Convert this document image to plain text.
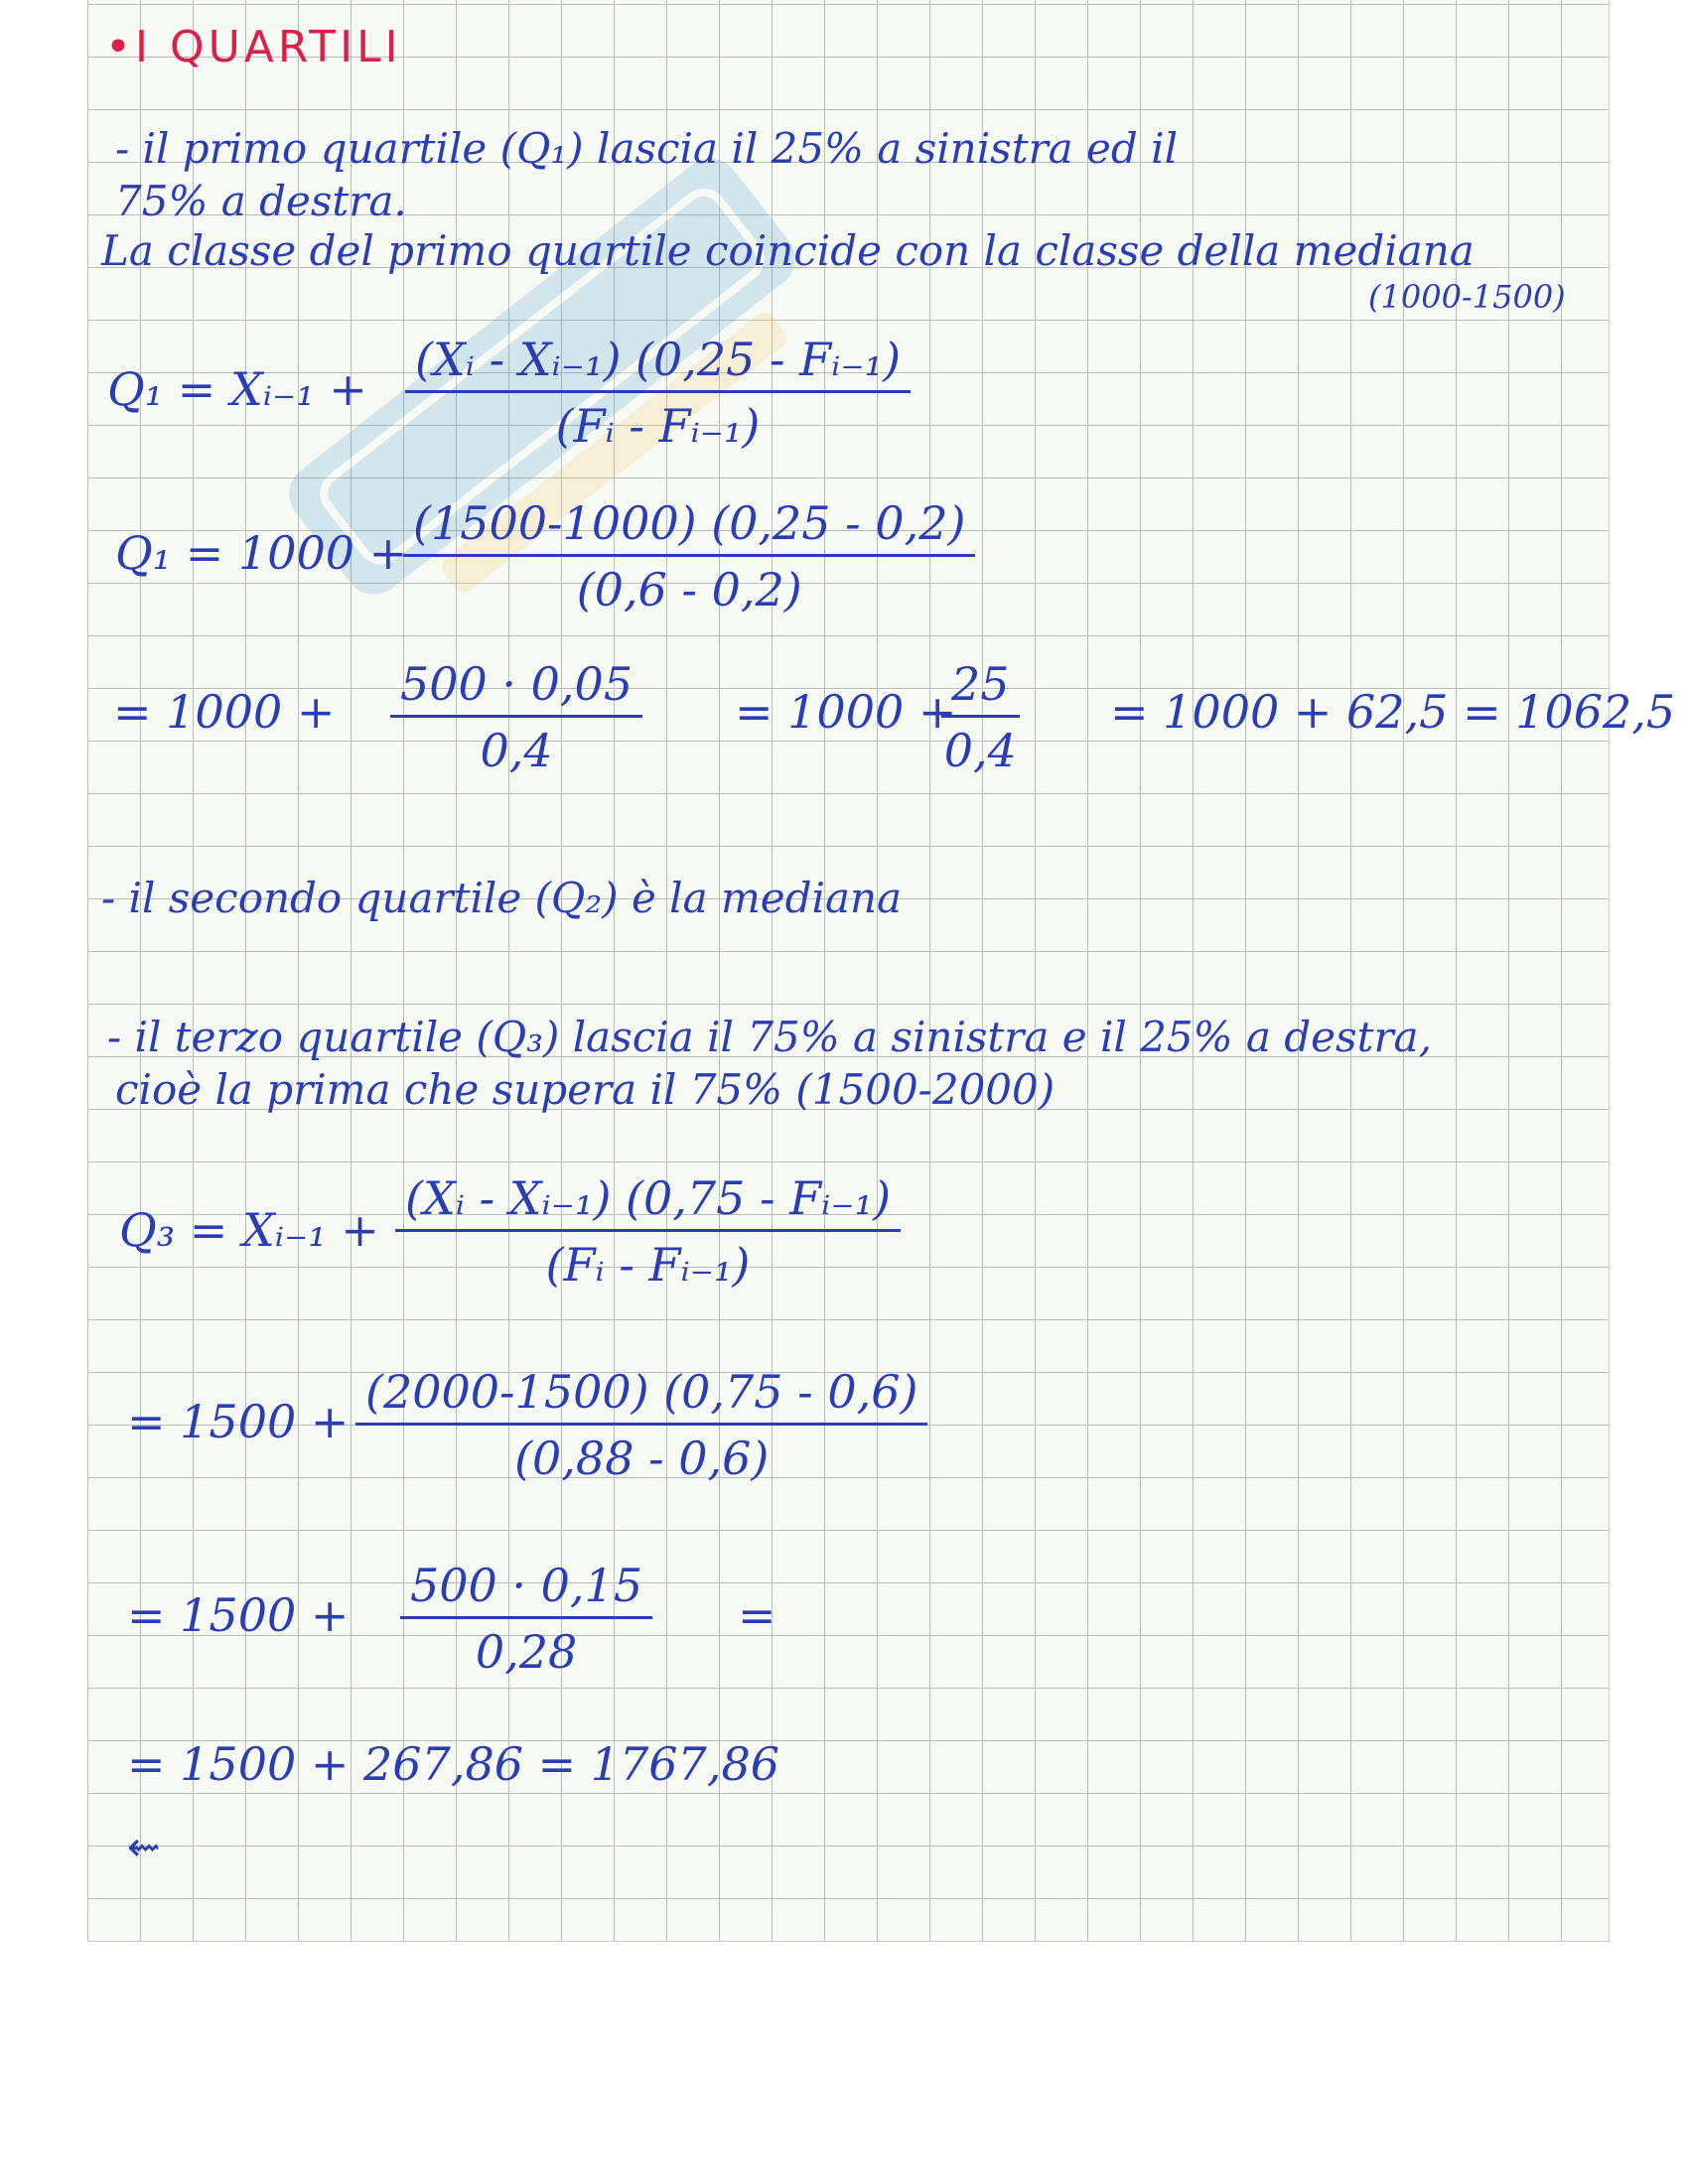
• I QUARTILI
- il primo quartile (Q₁) lascia il 25% a sinistra ed il
75% a destra.
La classe del primo quartile coincide con la classe della mediana
(1000-1500)
Q₁ = Xᵢ₋₁ + $\frac{\text{(Xᵢ - Xᵢ₋₁) (0,25 - Fᵢ₋₁)}}{\text{(Fᵢ - Fᵢ₋₁)}}$
Q₁ = 1000 +
$\frac{(1500-1000) (0,25 - 0,2)}{(0,6 - 0,2)}$
= $1000 + \frac{500 \cdot 0,05}{0,4} = 1000$ +
$\frac{25}{0,4} = 1000 + 62,5 = 1062,5$
- il secondo quartile (Q₂) è la mediana
- il terzo quartile (Q₃) lascia il 75% a sinistra e il 25% a destra,
cioè la prima che supera il 75% (1500-2000)
Q₃ = Xᵢ₋₁ + $\frac{\text{(Xᵢ - Xᵢ₋₁) (0,75 - Fᵢ₋₁)}}{\text{(Fᵢ - Fᵢ₋₁)}}$
= $1500 + \frac{(2000-1500) (0,75 - 0,6)}{(0,88 - 0,6)}$
= $1500 + \frac{500 \cdot 0,15}{0,28}$ =
= 1500 + 267,86 = 1767,86
⇜
